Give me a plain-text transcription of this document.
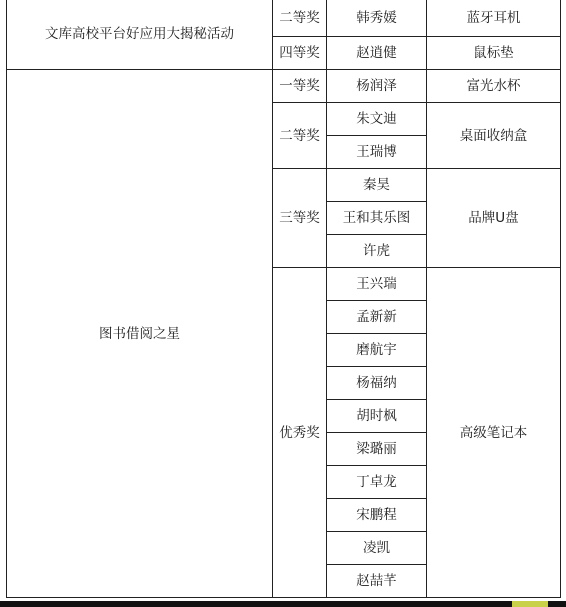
文库高校平台好应用大揭秘活动	二等奖	韩秀媛	蓝牙耳机
	四等奖	赵逍健	鼠标垫
图书借阅之星	一等奖	杨润泽	富光水杯
	二等奖	朱文迪	桌面收纳盒
		王瑞博	
	三等奖	秦昊	品牌U盘
		王和其乐图	
		许虎	
	优秀奖	王兴瑞	高级笔记本
		孟新新	
		磨航宇	
		杨福纳	
		胡时枫	
		梁璐丽	
		丁卓龙	
		宋鹏程	
		凌凯	
		赵喆芊	
